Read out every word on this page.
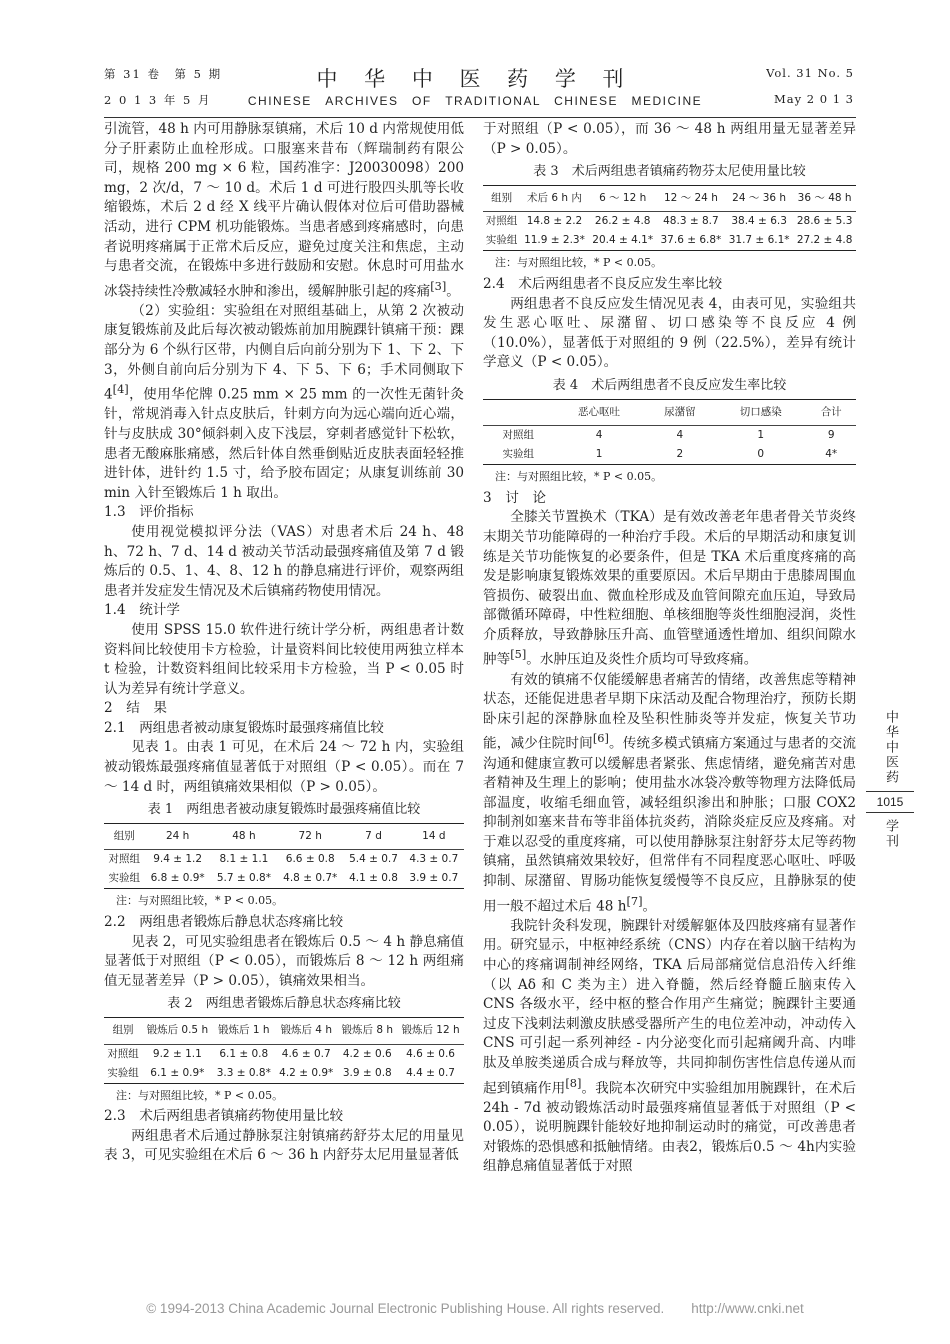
第 31 卷　第 5 期
2 0 1 3 年 5 月
中 华 中 医 药 学 刊
CHINESE　ARCHIVES　OF　TRADITIONAL　CHINESE　MEDICINE
Vol. 31 No. 5
May 2 0 1 3

引流管，48 h 内可用静脉泵镇痛，术后 10 d 内常规使用低分子肝素防止血栓形成。口服塞来昔布（辉瑞制药有限公司，规格 200 mg × 6 粒，国药准字：J20030098）200 mg，2 次/d，7 ～ 10 d。术后 1 d 可进行股四头肌等长收缩锻炼，术后 2 d 经 X 线平片确认假体对位后可借助器械活动，进行 CPM 机功能锻炼。当患者感到疼痛感时，向患者说明疼痛属于正常术后反应，避免过度关注和焦虑，主动与患者交流，在锻炼中多进行鼓励和安慰。休息时可用盐水冰袋持续性冷敷减轻水肿和渗出，缓解肿胀引起的疼痛[3]。

（2）实验组：实验组在对照组基础上，从第 2 次被动康复锻炼前及此后每次被动锻炼前加用腕踝针镇痛干预：踝部分为 6 个纵行区带，内侧自后向前分别为下 1、下 2、下 3，外侧自前向后分别为下 4、下 5、下 6；手术同侧取下 4[4]，使用华佗牌 0.25 mm × 25 mm 的一次性无菌针灸针，常规消毒入针点皮肤后，针刺方向为远心端向近心端，针与皮肤成 30°倾斜刺入皮下浅层，穿刺者感觉针下松软，患者无酸麻胀痛感，然后针体自然垂倒贴近皮肤表面轻轻推进针体，进针约 1.5 寸，给予胶布固定；从康复训练前 30 min 入针至锻炼后 1 h 取出。

1.3　评价指标

使用视觉模拟评分法（VAS）对患者术后 24 h、48 h、72 h、7 d、14 d 被动关节活动最强疼痛值及第 7 d 锻炼后的 0.5、1、4、8、12 h 的静息痛进行评价，观察两组患者并发症发生情况及术后镇痛药物使用情况。

1.4　统计学

使用 SPSS 15.0 软件进行统计学分析，两组患者计数资料间比较使用卡方检验，计量资料间比较使用两独立样本 t 检验，计数资料组间比较采用卡方检验，当 P < 0.05 时认为差异有统计学意义。

2　结　果
2.1　两组患者被动康复锻炼时最强疼痛值比较

见表 1。由表 1 可见，在术后 24 ～ 72 h 内，实验组被动锻炼最强疼痛值显著低于对照组（P < 0.05）。而在 7 ～ 14 d 时，两组镇痛效果相似（P > 0.05）。

表 1　两组患者被动康复锻炼时最强疼痛值比较
组别	24 h	48 h	72 h	7 d	14 d
对照组	9.4 ± 1.2	8.1 ± 1.1	6.6 ± 0.8	5.4 ± 0.7	4.3 ± 0.7
实验组	6.8 ± 0.9*	5.7 ± 0.8*	4.8 ± 0.7*	4.1 ± 0.8	3.9 ± 0.7
注：与对照组比较，* P < 0.05。
2.2　两组患者锻炼后静息状态疼痛比较

见表 2，可见实验组患者在锻炼后 0.5 ～ 4 h 静息痛值显著低于对照组（P < 0.05），而锻炼后 8 ～ 12 h 两组痛值无显著差异（P > 0.05），镇痛效果相当。

表 2　两组患者锻炼后静息状态疼痛比较
组别	锻炼后 0.5 h	锻炼后 1 h	锻炼后 4 h	锻炼后 8 h	锻炼后 12 h
对照组	9.2 ± 1.1	6.1 ± 0.8	4.6 ± 0.7	4.2 ± 0.6	4.6 ± 0.6
实验组	6.1 ± 0.9*	3.3 ± 0.8*	4.2 ± 0.9*	3.9 ± 0.8	4.4 ± 0.7
注：与对照组比较，* P < 0.05。
2.3　术后两组患者镇痛药物使用量比较

两组患者术后通过静脉泵注射镇痛药舒芬太尼的用量见表 3，可见实验组在术后 6 ～ 36 h 内舒芬太尼用量显著低

于对照组（P < 0.05），而 36 ～ 48 h 两组用量无显著差异（P > 0.05）。

表 3　术后两组患者镇痛药物芬太尼使用量比较
组别	术后 6 h 内	6 ～ 12 h	12 ～ 24 h	24 ～ 36 h	36 ～ 48 h
对照组	14.8 ± 2.2	26.2 ± 4.8	48.3 ± 8.7	38.4 ± 6.3	28.6 ± 5.3
实验组	11.9 ± 2.3*	20.4 ± 4.1*	37.6 ± 6.8*	31.7 ± 6.1*	27.2 ± 4.8
注：与对照组比较，* P < 0.05。
2.4　术后两组患者不良反应发生率比较

两组患者不良反应发生情况见表 4，由表可见，实验组共发生恶心呕吐、尿潴留、切口感染等不良反应 4 例（10.0%），显著低于对照组的 9 例（22.5%），差异有统计学意义（P < 0.05）。

表 4　术后两组患者不良反应发生率比较
	恶心呕吐	尿潴留	切口感染	合计
对照组	4	4	1	9
实验组	1	2	0	4*
注：与对照组比较，* P < 0.05。
3　讨　论

全膝关节置换术（TKA）是有效改善老年患者骨关节炎终末期关节功能障碍的一种治疗手段。术后的早期活动和康复训练是关节功能恢复的必要条件，但是 TKA 术后重度疼痛的高发是影响康复锻炼效果的重要原因。术后早期由于患膝周围血管损伤、破裂出血、微血栓形成及血管间隙充血压迫，导致局部微循环障碍，中性粒细胞、单核细胞等炎性细胞浸润，炎性介质释放，导致静脉压升高、血管壁通透性增加、组织间隙水肿等[5]。水肿压迫及炎性介质均可导致疼痛。

有效的镇痛不仅能缓解患者痛苦的情绪，改善焦虑等精神状态，还能促进患者早期下床活动及配合物理治疗，预防长期卧床引起的深静脉血栓及坠积性肺炎等并发症，恢复关节功能，减少住院时间[6]。传统多模式镇痛方案通过与患者的交流沟通和健康宣教可以缓解患者紧张、焦虑情绪，避免痛苦对患者精神及生理上的影响；使用盐水冰袋冷敷等物理方法降低局部温度，收缩毛细血管，减轻组织渗出和肿胀；口服 COX2 抑制剂如塞来昔布等非甾体抗炎药，消除炎症反应及疼痛。对于难以忍受的重度疼痛，可以使用静脉泵注射舒芬太尼等药物镇痛，虽然镇痛效果较好，但常伴有不同程度恶心呕吐、呼吸抑制、尿潴留、胃肠功能恢复缓慢等不良反应，且静脉泵的使用一般不超过术后 48 h[7]。

我院针灸科发现，腕踝针对缓解躯体及四肢疼痛有显著作用。研究显示，中枢神经系统（CNS）内存在着以脑干结构为中心的疼痛调制神经网络，TKA 后局部痛觉信息沿传入纤维（以 Aδ 和 C 类为主）进入脊髓，然后经脊髓丘脑束传入 CNS 各级水平，经中枢的整合作用产生痛觉；腕踝针主要通过皮下浅刺法刺激皮肤感受器所产生的电位差冲动，冲动传入 CNS 可引起一系列神经 - 内分泌变化而引起痛阈升高、内啡肽及单胺类递质合成与释放等，共同抑制伤害性信息传递从而起到镇痛作用[8]。我院本次研究中实验组加用腕踝针，在术后 24h - 7d 被动锻炼活动时最强疼痛值显著低于对照组（P < 0.05），说明腕踝针能较好地抑制运动时的痛觉，可改善患者对锻炼的恐惧感和抵触情绪。由表2，锻炼后0.5 ～ 4h内实验组静息痛值显著低于对照

中华中医药
1015
学刊
© 1994-2013 China Academic Journal Electronic Publishing House. All rights reserved.　　http://www.cnki.net
